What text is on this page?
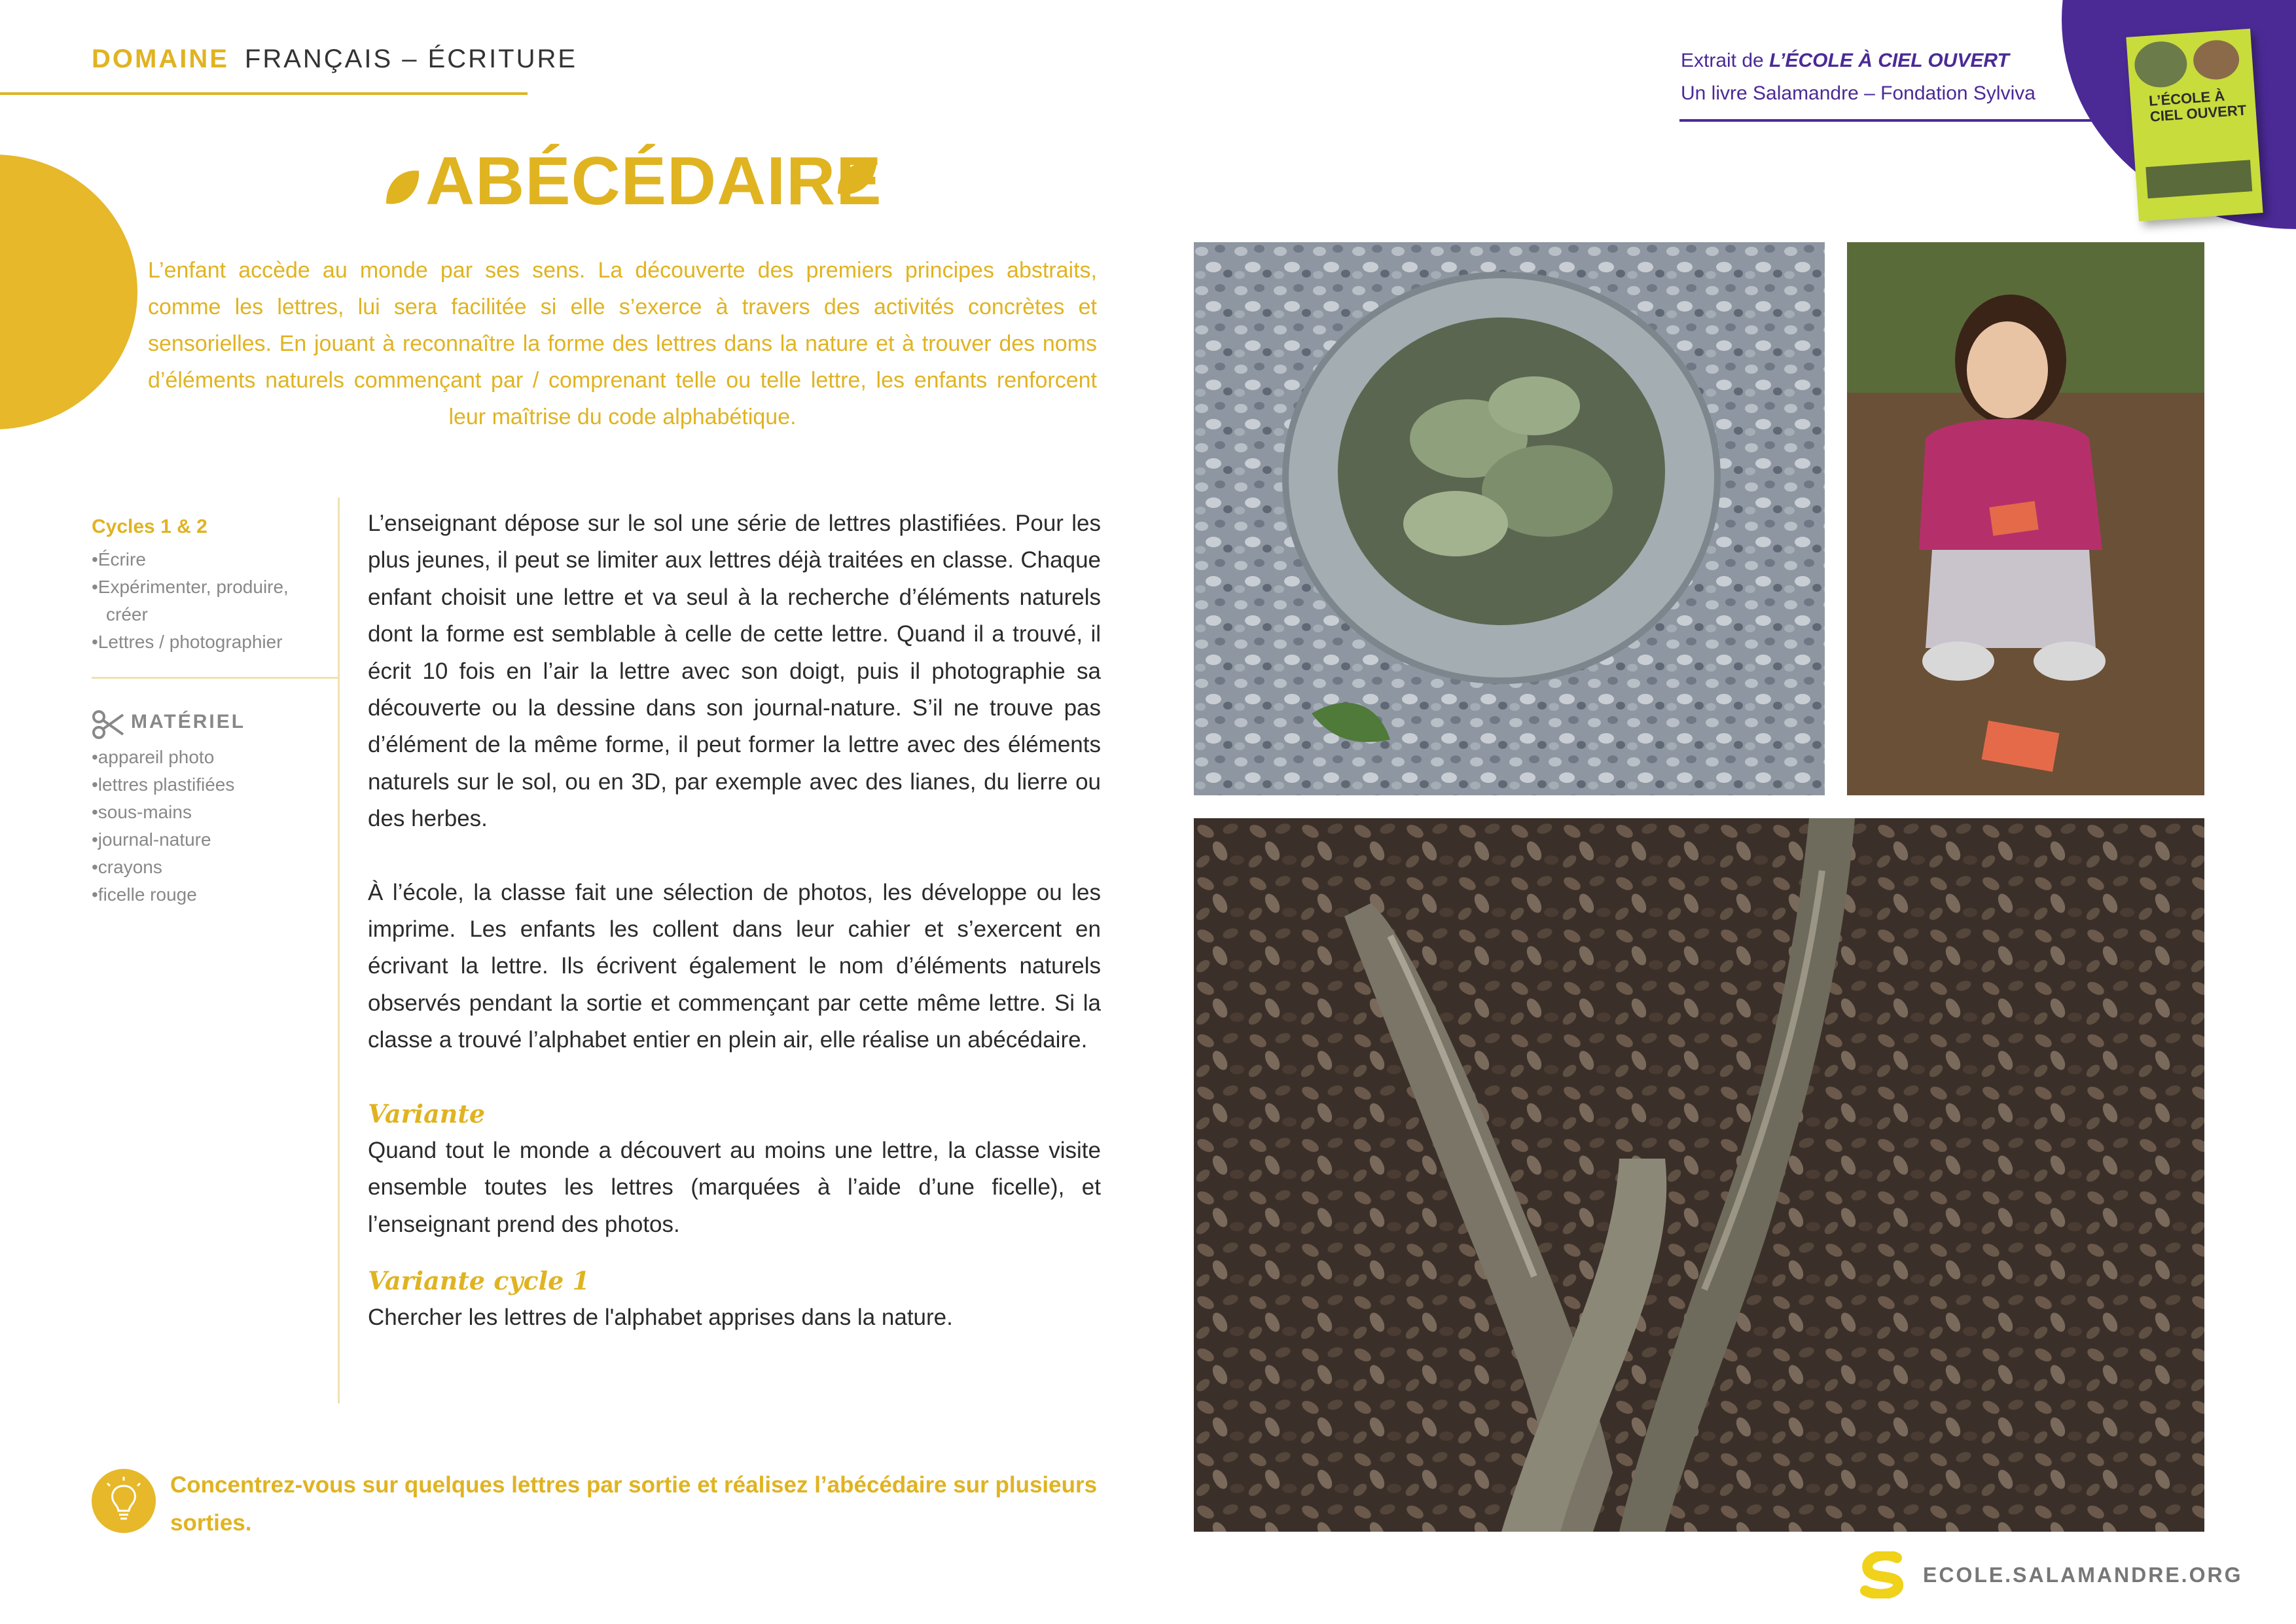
DOMAINE FRANÇAIS – ÉCRITURE	Extrait de L’ÉCOLE À CIEL OUVERT
Un livre Salamandre – Fondation Sylviva	L’ÉCOLE À CIEL OUVERT
ABÉCÉDAIRE
L’enfant accède au monde par ses sens. La découverte des premiers principes abstraits, comme les lettres, lui sera facilitée si elle s’exerce à travers des activités concrètes et sensorielles. En jouant à reconnaître la forme des lettres dans la nature et à trouver des noms d’éléments naturels commençant par / comprenant telle ou telle lettre, les enfants renforcent leur maîtrise du code alphabétique.
Cycles 1 & 2
•Écrire
•Expérimenter, produire, créer
•Lettres / photographier
MATÉRIEL
•appareil photo
•lettres plastifiées
•sous-mains
•journal-nature
•crayons
•ficelle rouge

L’enseignant dépose sur le sol une série de lettres plastifiées. Pour les plus jeunes, il peut se limiter aux lettres déjà traitées en classe. Chaque enfant choisit une lettre et va seul à la recherche d’éléments naturels dont la forme est semblable à celle de cette lettre. Quand il a trouvé, il écrit 10 fois en l’air la lettre avec son doigt, puis il photographie sa découverte ou la dessine dans son journal-nature. S’il ne trouve pas d’élément de la même forme, il peut former la lettre avec des éléments naturels sur le sol, ou en 3D, par exemple avec des lianes, du lierre ou des herbes.

À l’école, la classe fait une sélection de photos, les développe ou les imprime. Les enfants les collent dans leur cahier et s’exercent en écrivant la lettre. Ils écrivent également le nom d’éléments naturels observés pendant la sortie et commençant par cette même lettre. Si la classe a trouvé l’alphabet entier en plein air, elle réalise un abécédaire.

Variante

Quand tout le monde a découvert au moins une lettre, la classe visite ensemble toutes les lettres (marquées à l’aide d’une ficelle), et l’enseignant prend des photos.

Variante cycle 1

Chercher les lettres de l'alphabet apprises dans la nature.

Concentrez-vous sur quelques lettres par sortie et réalisez l’abécédaire sur plusieurs sorties.
ECOLE.SALAMANDRE.ORG
